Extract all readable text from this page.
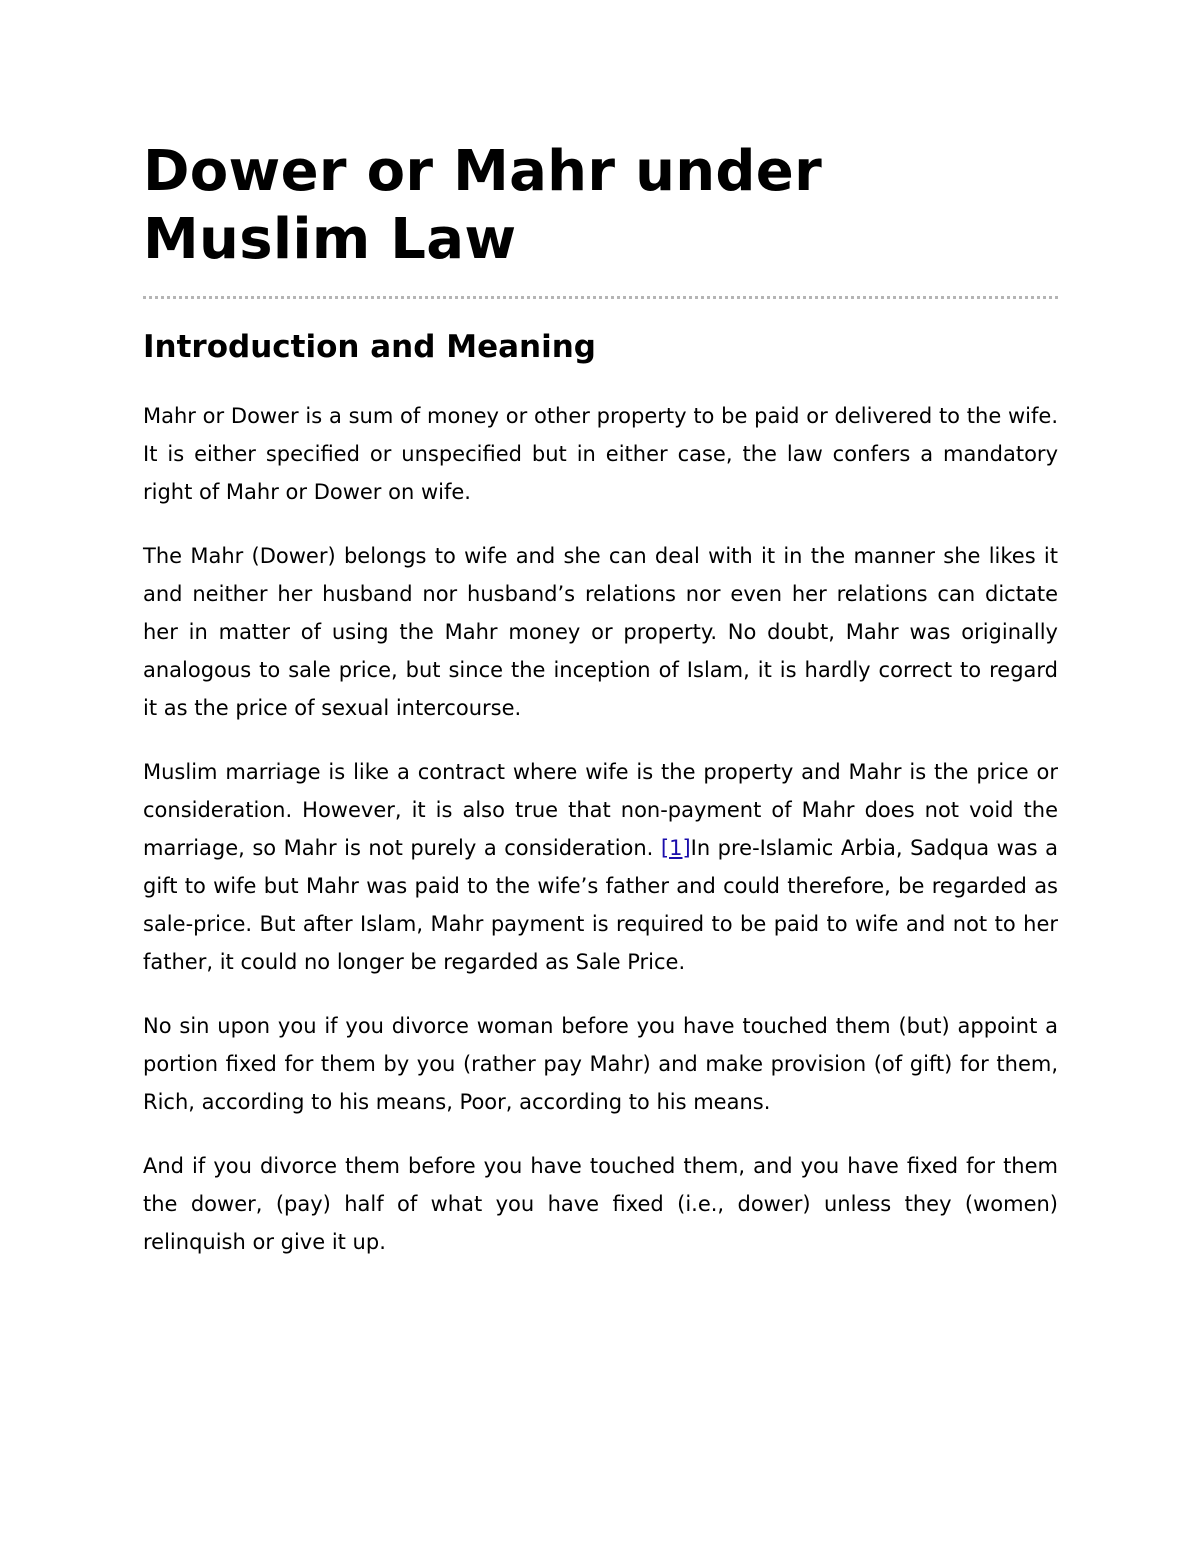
Dower or Mahr under Muslim Law
Introduction and Meaning

Mahr or Dower is a sum of money or other property to be paid or delivered to the wife. It is either specified or unspecified but in either case, the law confers a mandatory right of Mahr or Dower on wife.

The Mahr (Dower) belongs to wife and she can deal with it in the manner she likes it and neither her husband nor husband’s relations nor even her relations can dictate her in matter of using the Mahr money or property. No doubt, Mahr was originally analogous to sale price, but since the inception of Islam, it is hardly correct to regard it as the price of sexual intercourse.

Muslim marriage is like a contract where wife is the property and Mahr is the price or consideration. However, it is also true that non-payment of Mahr does not void the marriage, so Mahr is not purely a consideration. [1]In pre-Islamic Arbia, Sadqua was a gift to wife but Mahr was paid to the wife’s father and could therefore, be regarded as sale-price. But after Islam, Mahr payment is required to be paid to wife and not to her father, it could no longer be regarded as Sale Price.

No sin upon you if you divorce woman before you have touched them (but) appoint a portion fixed for them by you (rather pay Mahr) and make provision (of gift) for them, Rich, according to his means, Poor, according to his means.

And if you divorce them before you have touched them, and you have fixed for them the dower, (pay) half of what you have fixed (i.e., dower) unless they (women) relinquish or give it up.
